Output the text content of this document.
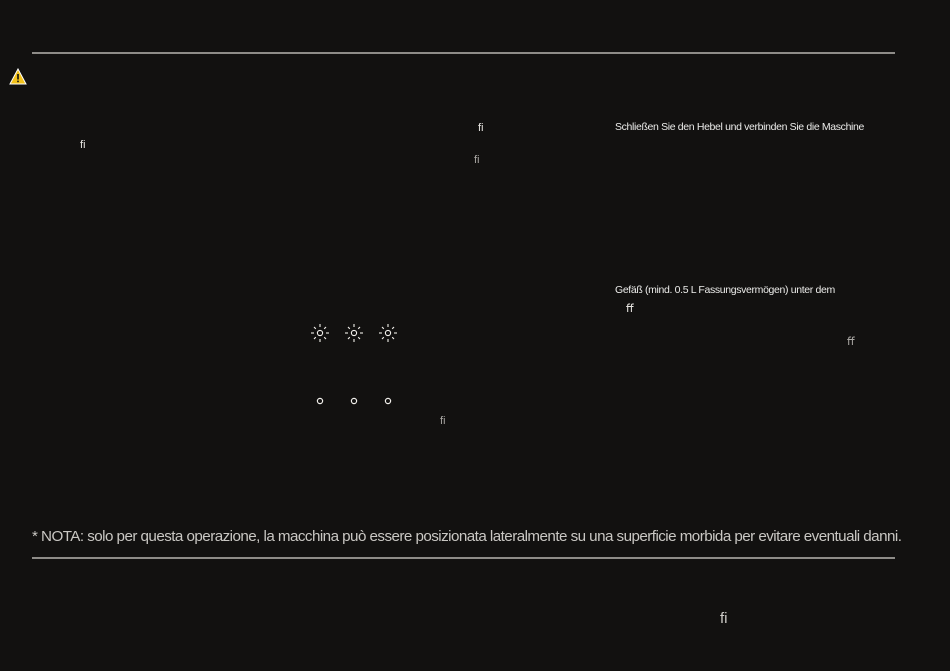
ﬁ
ﬁ
ﬁ
ﬁ
ﬀ
ﬀ
Schließen Sie den Hebel und verbinden Sie die Maschine
Gefäß (mind. 0.5 L Fassungsvermögen) unter dem
* NOTA: solo per questa operazione, la macchina può essere posizionata lateralmente su una superficie morbida per evitare eventuali danni.
ﬁ
